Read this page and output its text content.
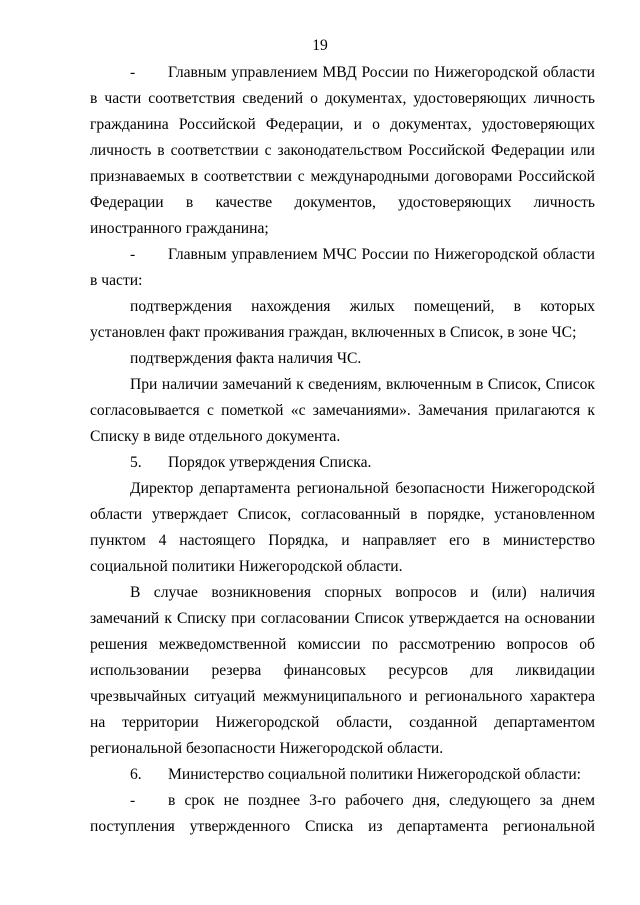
19

- Главным управлением МВД России по Нижегородской области в части соответствия сведений о документах, удостоверяющих личность гражданина Российской Федерации, и о документах, удостоверяющих личность в соответствии с законодательством Российской Федерации или признаваемых в соответствии с международными договорами Российской Федерации в качестве документов, удостоверяющих личность иностранного гражданина;

- Главным управлением МЧС России по Нижегородской области в части:

подтверждения нахождения жилых помещений, в которых установлен факт проживания граждан, включенных в Список, в зоне ЧС;

подтверждения факта наличия ЧС.

При наличии замечаний к сведениям, включенным в Список, Список согласовывается с пометкой «с замечаниями». Замечания прилагаются к Списку в виде отдельного документа.

5. Порядок утверждения Списка.

Директор департамента региональной безопасности Нижегородской области утверждает Список, согласованный в порядке, установленном пунктом 4 настоящего Порядка, и направляет его в министерство социальной политики Нижегородской области.

В случае возникновения спорных вопросов и (или) наличия замечаний к Списку при согласовании Список утверждается на основании решения межведомственной комиссии по рассмотрению вопросов об использовании резерва финансовых ресурсов для ликвидации чрезвычайных ситуаций межмуниципального и регионального характера на территории Нижегородской области, созданной департаментом региональной безопасности Нижегородской области.

6. Министерство социальной политики Нижегородской области:

- в срок не позднее 3-го рабочего дня, следующего за днем поступления утвержденного Списка из департамента региональной
